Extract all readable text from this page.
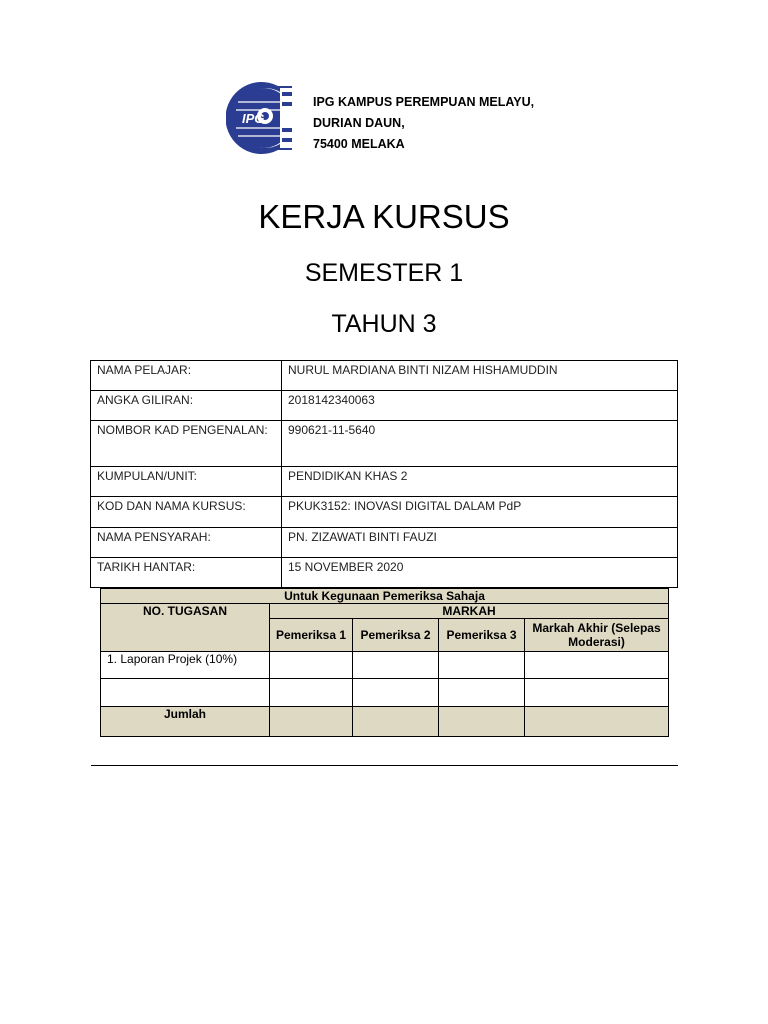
IPG
IPG KAMPUS PEREMPUAN MELAYU,
DURIAN DAUN,
75400 MELAKA
KERJA KURSUS
SEMESTER 1
TAHUN 3
NAMA PELAJAR:	NURUL MARDIANA BINTI NIZAM HISHAMUDDIN
ANGKA GILIRAN:	2018142340063
NOMBOR KAD PENGENALAN:	990621-11-5640
KUMPULAN/UNIT:	PENDIDIKAN KHAS 2
KOD DAN NAMA KURSUS:	PKUK3152: INOVASI DIGITAL DALAM PdP
NAMA PENSYARAH:	PN. ZIZAWATI BINTI FAUZI
TARIKH HANTAR:	15 NOVEMBER 2020
Untuk Kegunaan Pemeriksa Sahaja				
NO. TUGASAN	MARKAH			
	Pemeriksa 1	Pemeriksa 2	Pemeriksa 3	Markah Akhir (Selepas Moderasi)
1. Laporan Projek (10%)				

Jumlah				
